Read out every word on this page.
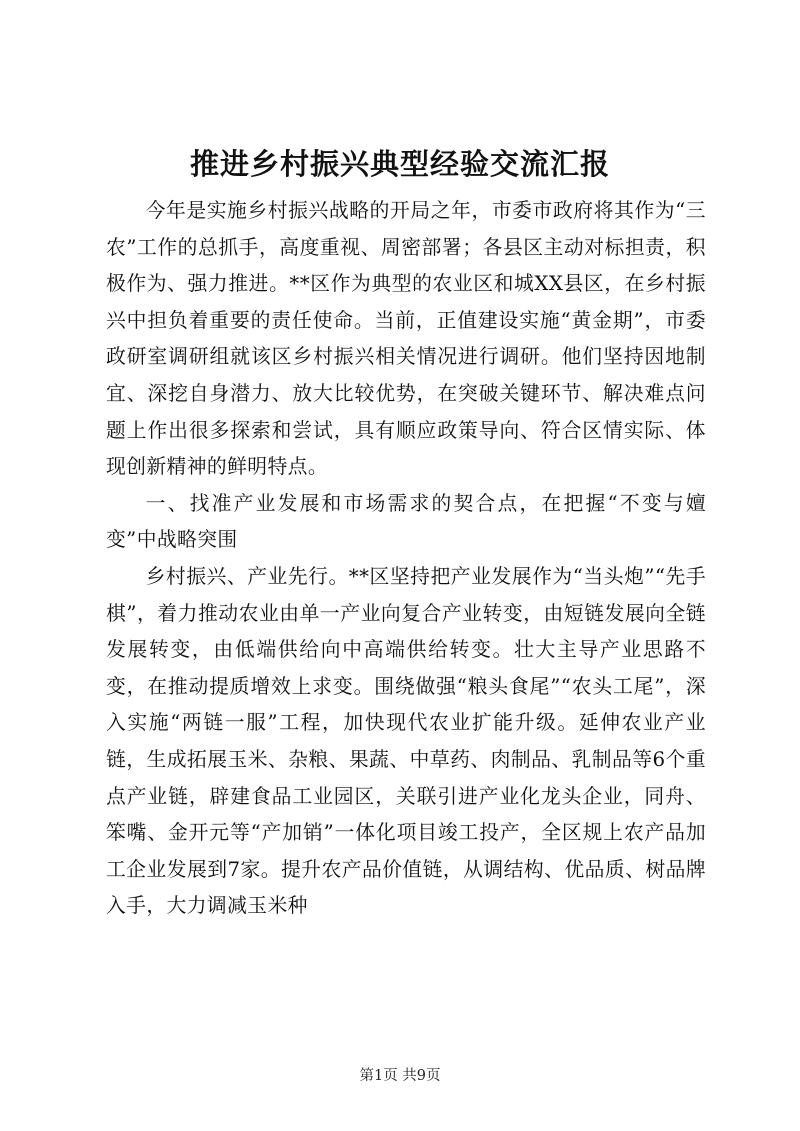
推进乡村振兴典型经验交流汇报

今年是实施乡村振兴战略的开局之年，市委市政府将其作为“三农”工作的总抓手，高度重视、周密部署；各县区主动对标担责，积极作为、强力推进。**区作为典型的农业区和城XX县区，在乡村振兴中担负着重要的责任使命。当前，正值建设实施“黄金期”，市委政研室调研组就该区乡村振兴相关情况进行调研。他们坚持因地制宜、深挖自身潜力、放大比较优势，在突破关键环节、解决难点问题上作出很多探索和尝试，具有顺应政策导向、符合区情实际、体现创新精神的鲜明特点。

一、找准产业发展和市场需求的契合点，在把握“不变与嬗变”中战略突围

乡村振兴、产业先行。**区坚持把产业发展作为“当头炮”“先手棋”，着力推动农业由单一产业向复合产业转变，由短链发展向全链发展转变，由低端供给向中高端供给转变。壮大主导产业思路不变，在推动提质增效上求变。围绕做强“粮头食尾”“农头工尾”，深入实施“两链一服”工程，加快现代农业扩能升级。延伸农业产业链，生成拓展玉米、杂粮、果蔬、中草药、肉制品、乳制品等6个重点产业链，辟建食品工业园区，关联引进产业化龙头企业，同舟、笨嘴、金开元等“产加销”一体化项目竣工投产，全区规上农产品加工企业发展到7家。提升农产品价值链，从调结构、优品质、树品牌入手，大力调减玉米种

第1页 共9页
